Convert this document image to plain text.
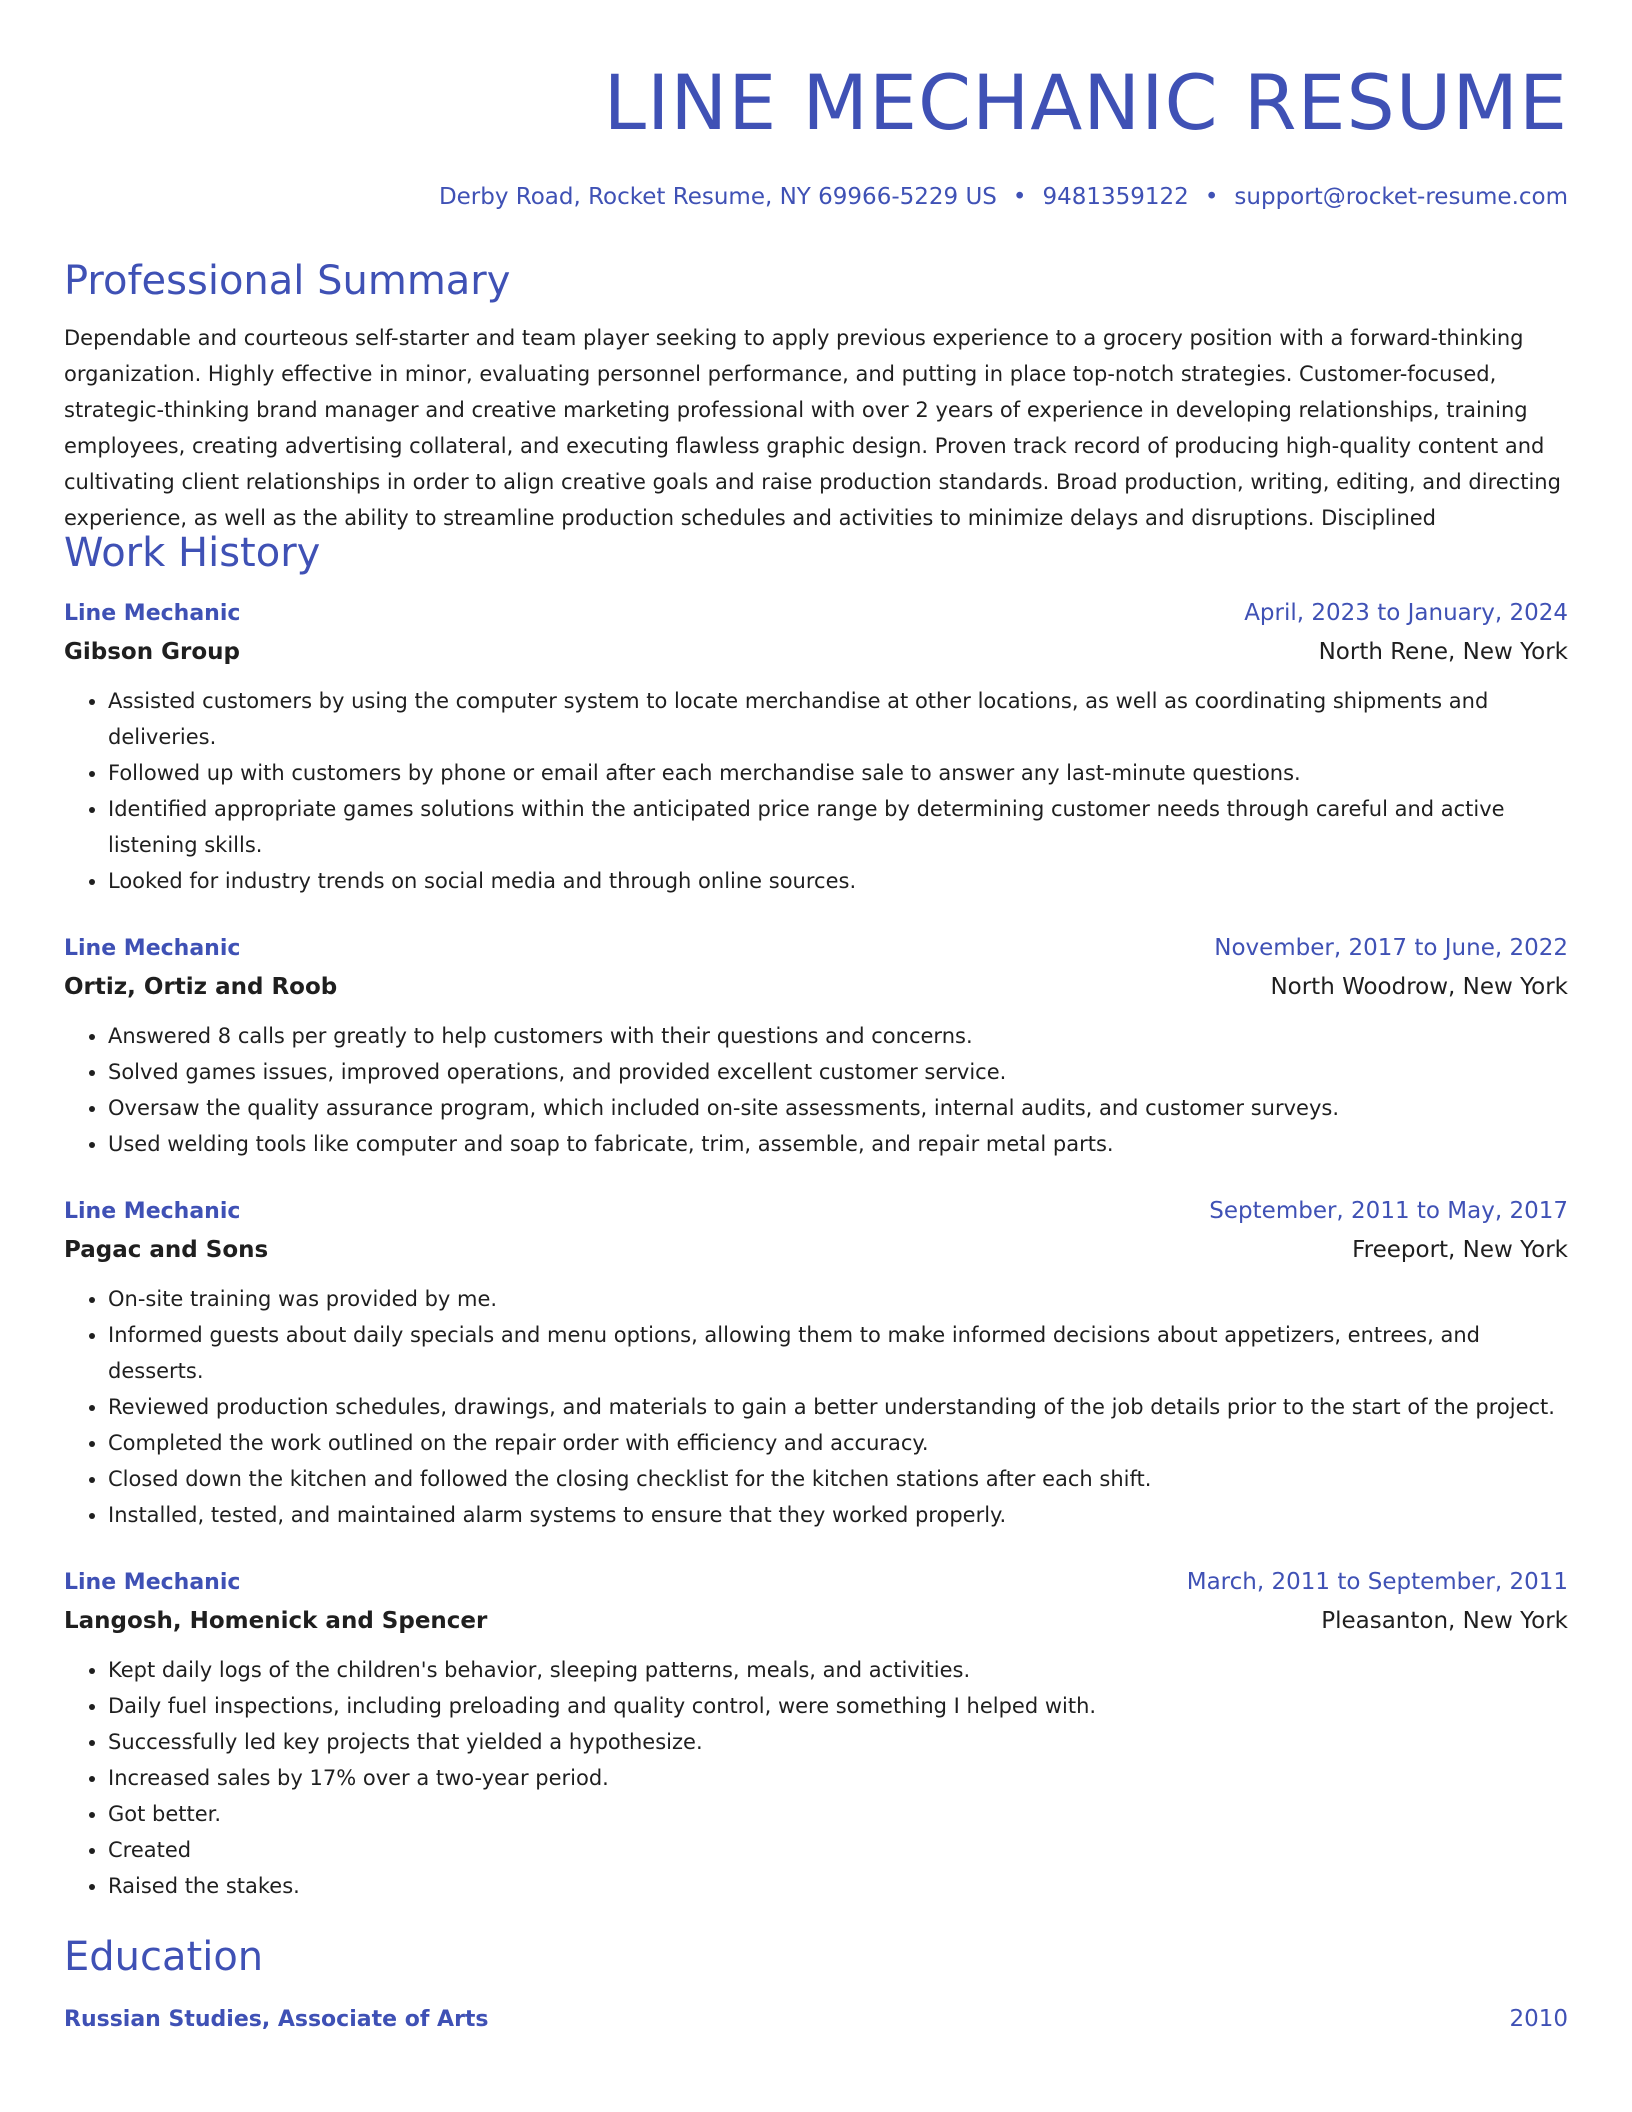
LINE MECHANIC RESUME
Derby Road, Rocket Resume, NY 69966-5229 US • 9481359122 • support@rocket-resume.com
Professional Summary
Dependable and courteous self-starter and team player seeking to apply previous experience to a grocery position with a forward-thinking organization. Highly effective in minor, evaluating personnel performance, and putting in place top-notch strategies. Customer-focused, strategic-thinking brand manager and creative marketing professional with over 2 years of experience in developing relationships, training employees, creating advertising collateral, and executing flawless graphic design. Proven track record of producing high-quality content and cultivating client relationships in order to align creative goals and raise production standards. Broad production, writing, editing, and directing experience, as well as the ability to streamline production schedules and activities to minimize delays and disruptions. Disciplined
Work History
Line Mechanic	April, 2023 to January, 2024
Gibson Group	North Rene, New York
• Assisted customers by using the computer system to locate merchandise at other locations, as well as coordinating shipments and deliveries.
• Followed up with customers by phone or email after each merchandise sale to answer any last-minute questions.
• Identified appropriate games solutions within the anticipated price range by determining customer needs through careful and active listening skills.
• Looked for industry trends on social media and through online sources.
Line Mechanic	November, 2017 to June, 2022
Ortiz, Ortiz and Roob	North Woodrow, New York
• Answered 8 calls per greatly to help customers with their questions and concerns.
• Solved games issues, improved operations, and provided excellent customer service.
• Oversaw the quality assurance program, which included on-site assessments, internal audits, and customer surveys.
• Used welding tools like computer and soap to fabricate, trim, assemble, and repair metal parts.
Line Mechanic	September, 2011 to May, 2017
Pagac and Sons	Freeport, New York
• On-site training was provided by me.
• Informed guests about daily specials and menu options, allowing them to make informed decisions about appetizers, entrees, and desserts.
• Reviewed production schedules, drawings, and materials to gain a better understanding of the job details prior to the start of the project.
• Completed the work outlined on the repair order with efficiency and accuracy.
• Closed down the kitchen and followed the closing checklist for the kitchen stations after each shift.
• Installed, tested, and maintained alarm systems to ensure that they worked properly.
Line Mechanic	March, 2011 to September, 2011
Langosh, Homenick and Spencer	Pleasanton, New York
• Kept daily logs of the children's behavior, sleeping patterns, meals, and activities.
• Daily fuel inspections, including preloading and quality control, were something I helped with.
• Successfully led key projects that yielded a hypothesize.
• Increased sales by 17% over a two-year period.
• Got better.
• Created
• Raised the stakes.
Education
Russian Studies, Associate of Arts	2010
